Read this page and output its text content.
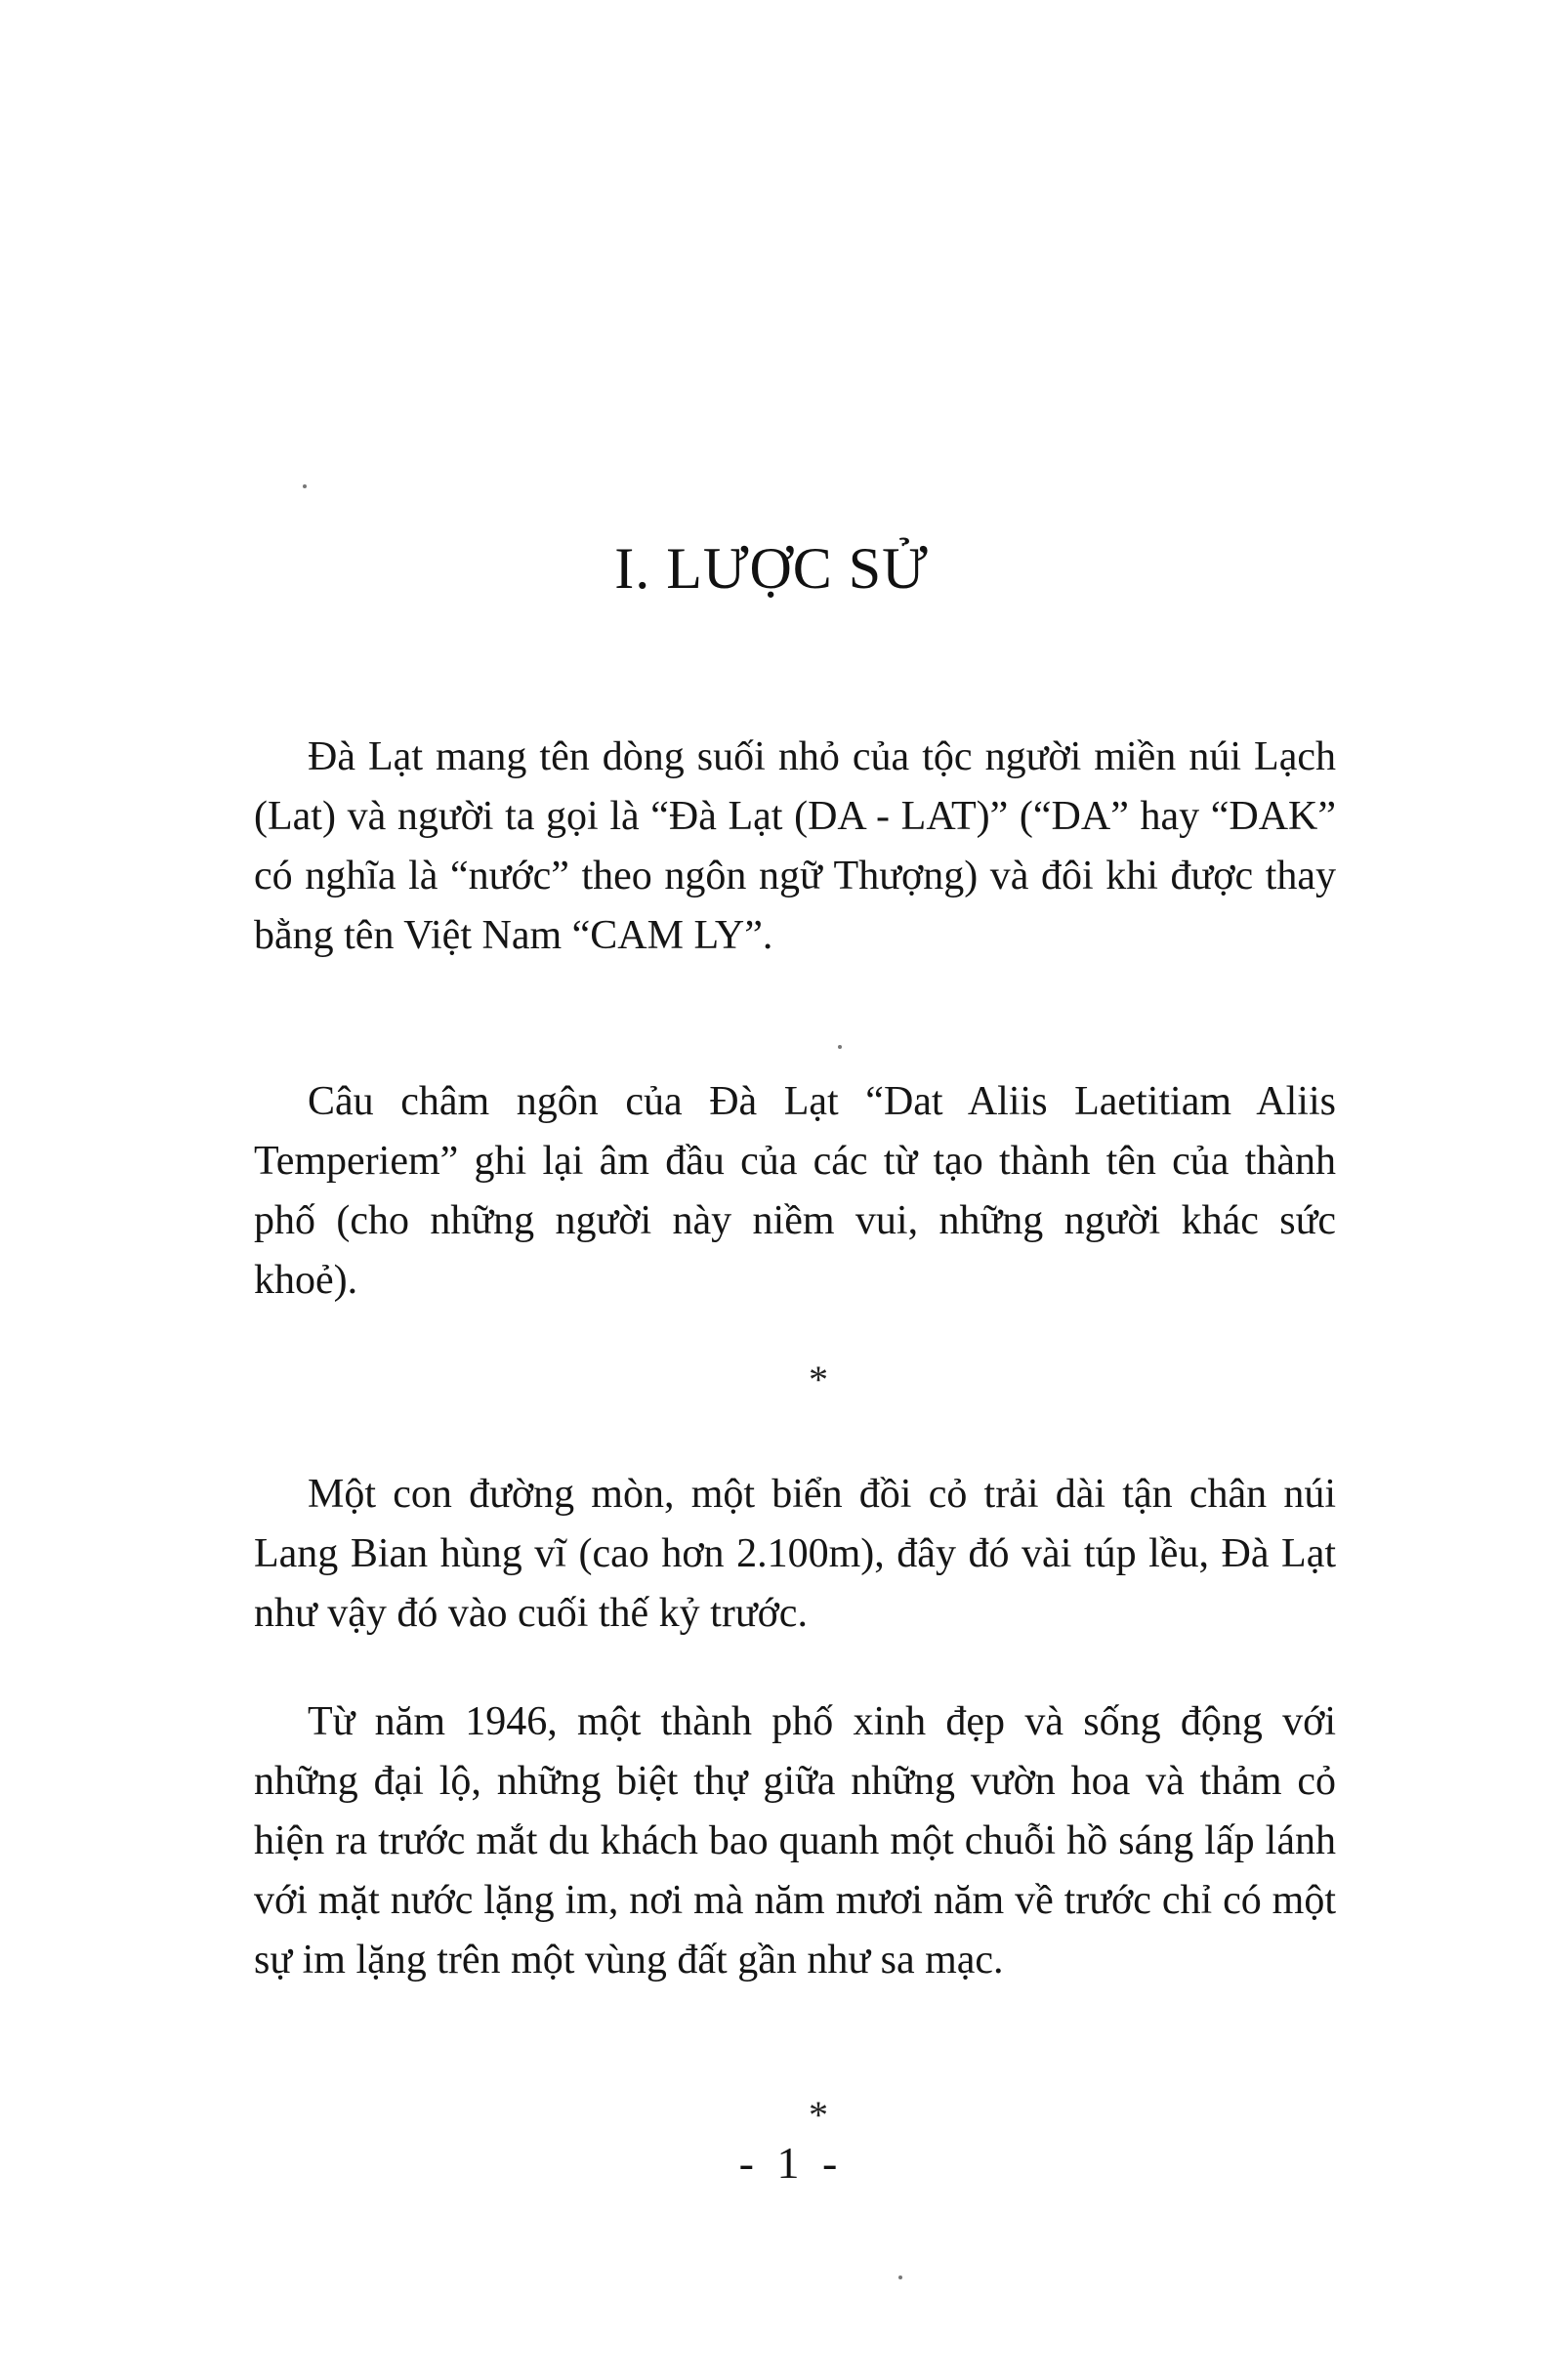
I. LƯỢC SỬ

Đà Lạt mang tên dòng suối nhỏ của tộc người miền núi Lạch (Lat) và người ta gọi là “Đà Lạt (DA - LAT)” (“DA” hay “DAK” có nghĩa là “nước” theo ngôn ngữ Thượng) và đôi khi được thay bằng tên Việt Nam “CAM LY”.

Câu châm ngôn của Đà Lạt “Dat Aliis Laetitiam Aliis Temperiem” ghi lại âm đầu của các từ tạo thành tên của thành phố (cho những người này niềm vui, những người khác sức khoẻ).

*

Một con đường mòn, một biển đồi cỏ trải dài tận chân núi Lang Bian hùng vĩ (cao hơn 2.100m), đây đó vài túp lều, Đà Lạt như vậy đó vào cuối thế kỷ trước.

Từ năm 1946, một thành phố xinh đẹp và sống động với những đại lộ, những biệt thự giữa những vườn hoa và thảm cỏ hiện ra trước mắt du khách bao quanh một chuỗi hồ sáng lấp lánh với mặt nước lặng im, nơi mà năm mươi năm về trước chỉ có một sự im lặng trên một vùng đất gần như sa mạc.

*
- 1 -
